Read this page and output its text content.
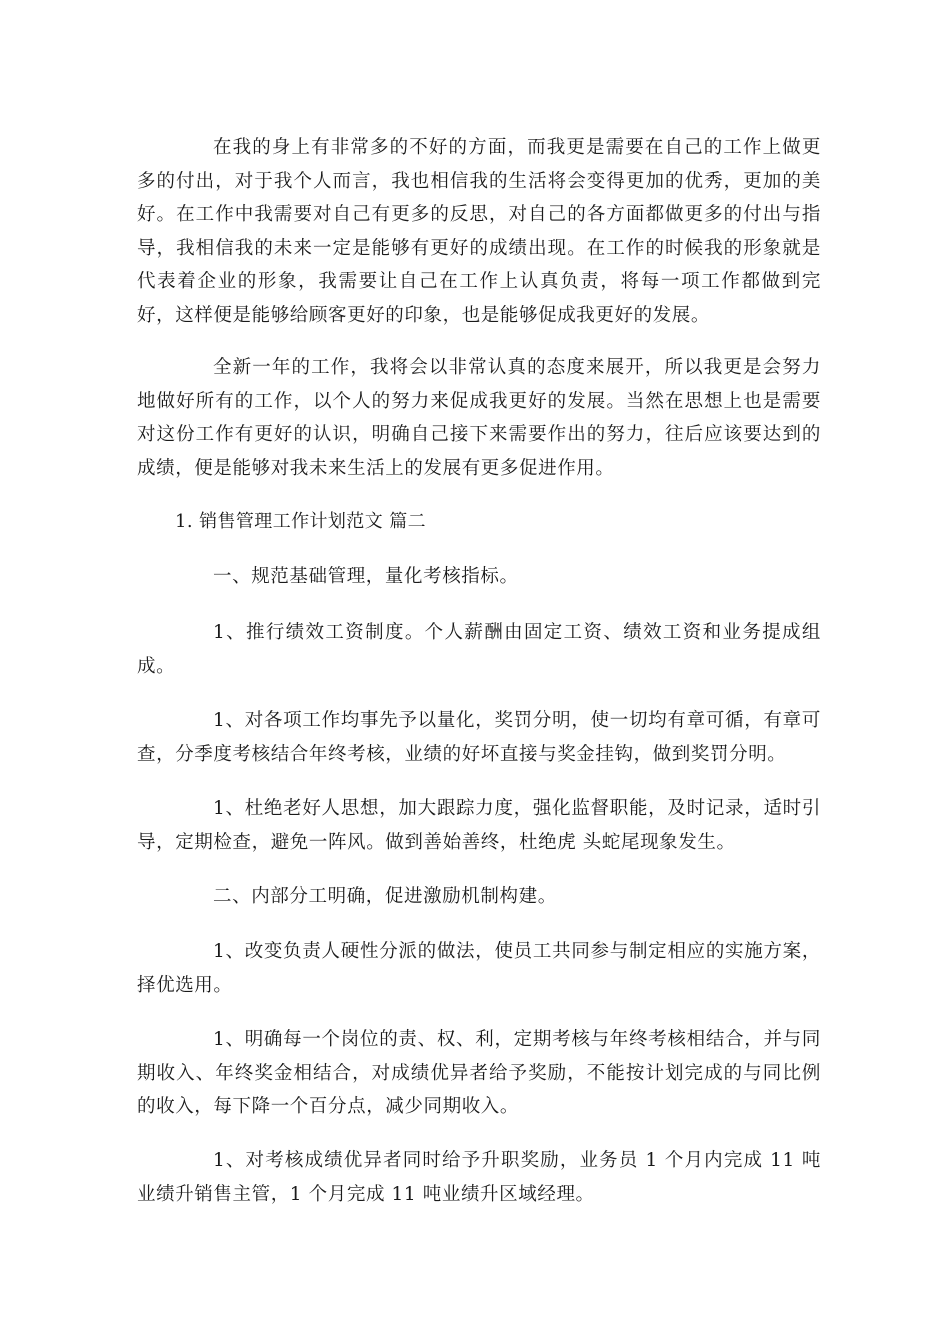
在我的身上有非常多的不好的方面，而我更是需要在自己的工作上做更多的付出，对于我个人而言，我也相信我的生活将会变得更加的优秀，更加的美好。在工作中我需要对自己有更多的反思，对自己的各方面都做更多的付出与指导，我相信我的未来一定是能够有更好的成绩出现。在工作的时候我的形象就是代表着企业的形象，我需要让自己在工作上认真负责，将每一项工作都做到完好，这样便是能够给顾客更好的印象，也是能够促成我更好的发展。

全新一年的工作，我将会以非常认真的态度来展开，所以我更是会努力地做好所有的工作，以个人的努力来促成我更好的发展。当然在思想上也是需要对这份工作有更好的认识，明确自己接下来需要作出的努力，往后应该要达到的成绩，便是能够对我未来生活上的发展有更多促进作用。

1. 销售管理工作计划范文 篇二

一、规范基础管理，量化考核指标。

1、推行绩效工资制度。个人薪酬由固定工资、绩效工资和业务提成组成。

1、对各项工作均事先予以量化，奖罚分明，使一切均有章可循，有章可查，分季度考核结合年终考核，业绩的好坏直接与奖金挂钩，做到奖罚分明。

1、杜绝老好人思想，加大跟踪力度，强化监督职能，及时记录，适时引导，定期检查，避免一阵风。做到善始善终，杜绝虎 头蛇尾现象发生。

二、内部分工明确，促进激励机制构建。

1、改变负责人硬性分派的做法，使员工共同参与制定相应的实施方案，择优选用。

1、明确每一个岗位的责、权、利，定期考核与年终考核相结合，并与同期收入、年终奖金相结合，对成绩优异者给予奖励，不能按计划完成的与同比例的收入，每下降一个百分点，减少同期收入。

1、对考核成绩优异者同时给予升职奖励，业务员 1 个月内完成 11 吨业绩升销售主管，1 个月完成 11 吨业绩升区域经理。
